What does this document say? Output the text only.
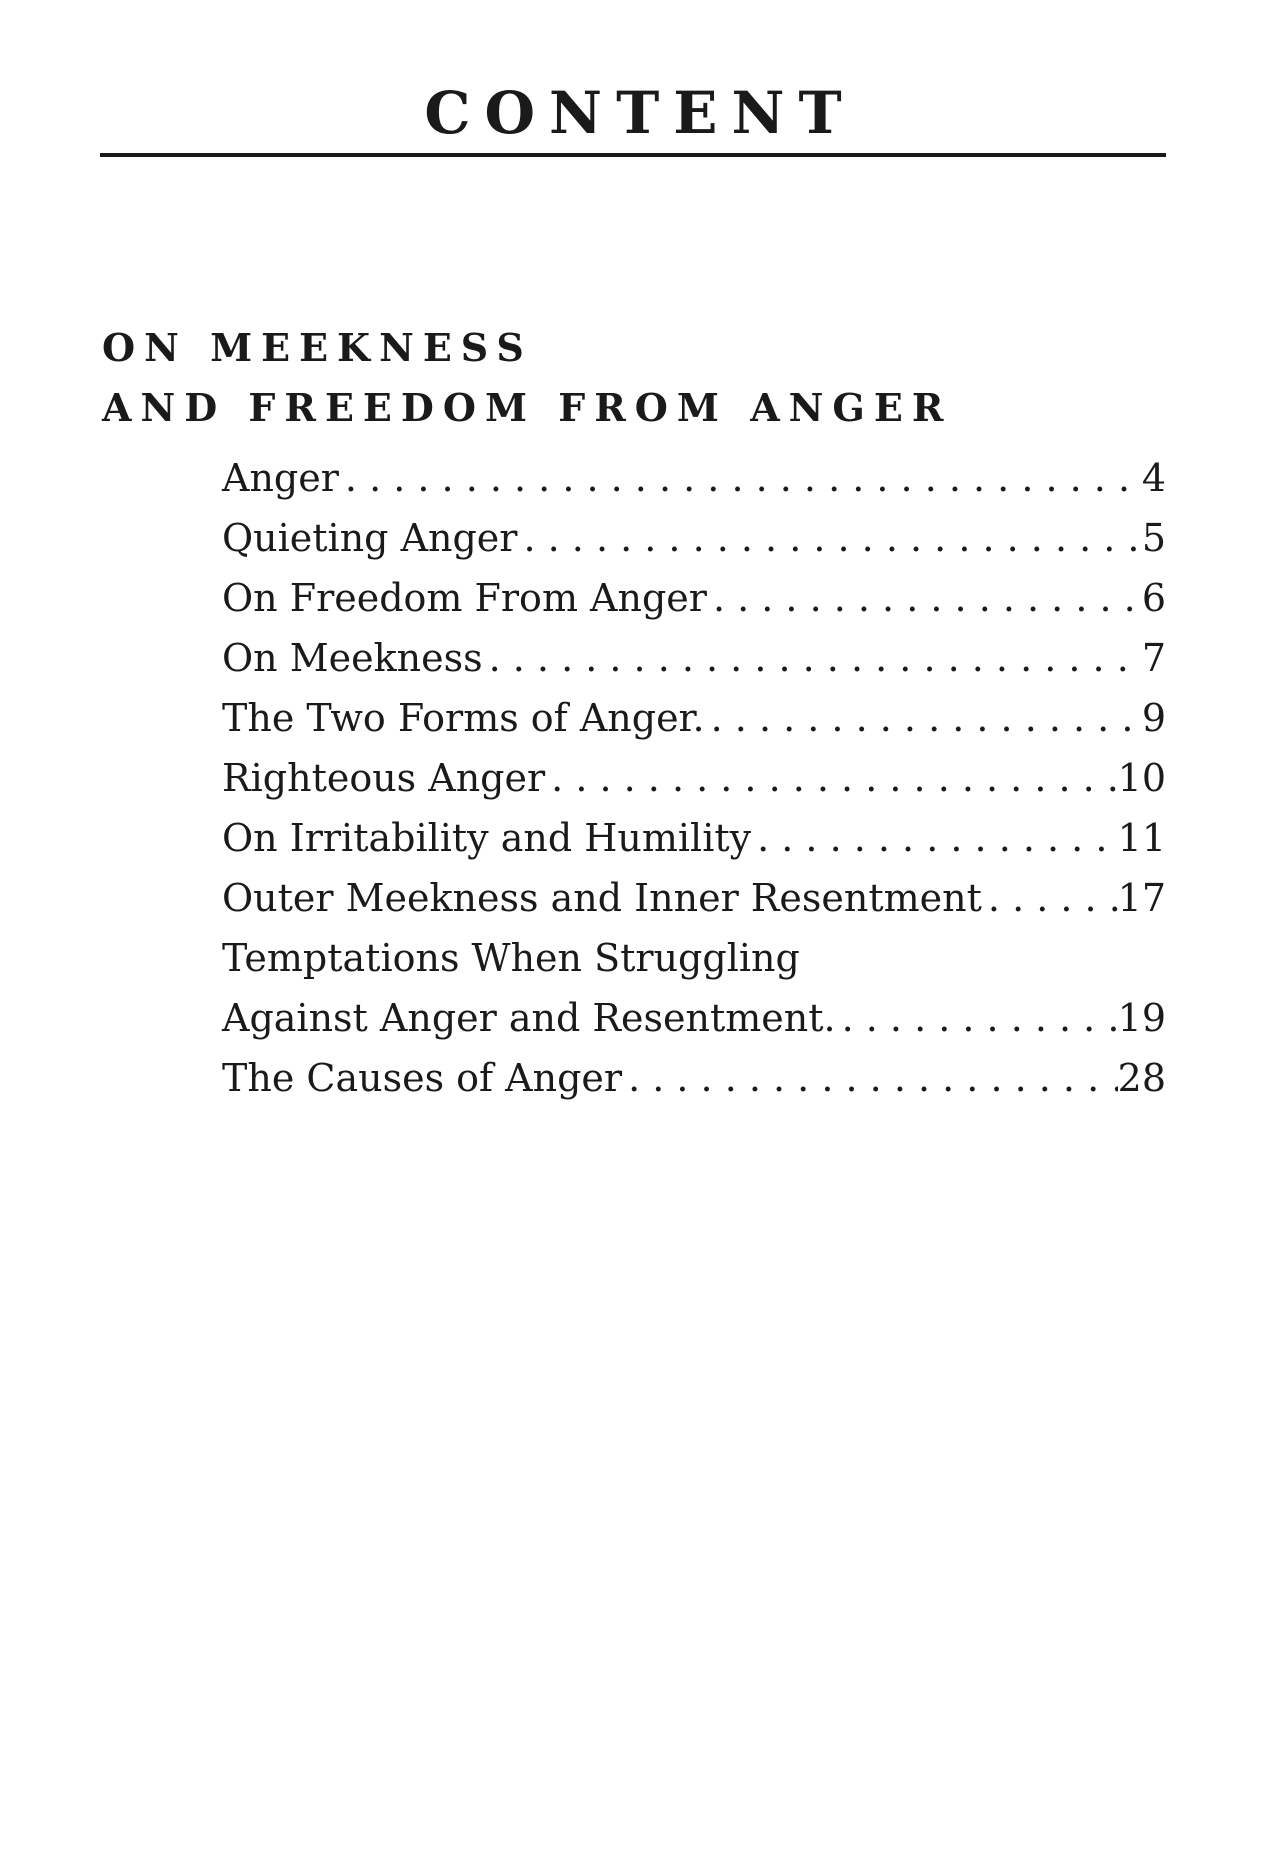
CONTENT
ON MEEKNESS
AND FREEDOM FROM ANGER
Anger . . .	4
Quieting Anger . . .	5
On Freedom From Anger . . .	6
On Meekness . . .	7
The Two Forms of Anger. . . .	9
Righteous Anger . . .	10
On Irritability and Humility . . .	11
Outer Meekness and Inner Resentment . . .	17
Temptations When Struggling
Against Anger and Resentment. . . .	19
The Causes of Anger . . .	28
